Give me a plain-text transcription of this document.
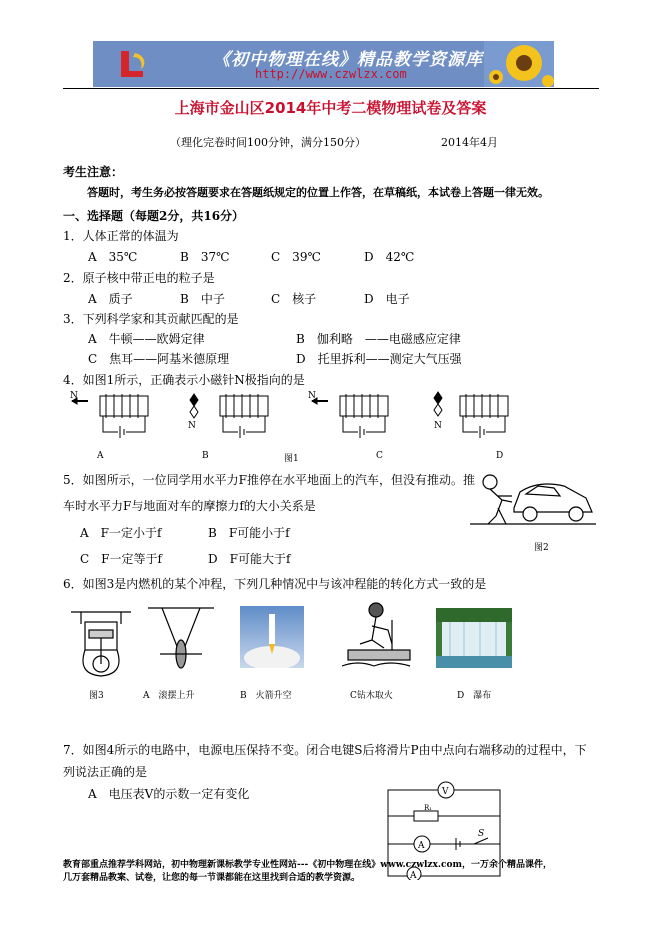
《初中物理在线》精品教学资源库
http://www.czwlzx.com
上海市金山区2014年中考二模物理试卷及答案
（理化完卷时间100分钟，满分150分）	2014年4月
考生注意：
答题时，考生务必按答题要求在答题纸规定的位置上作答，在草稿纸，本试卷上答题一律无效。
一、选择题（每题2分，共16分）
1．人体正常的体温为
A　35℃	B　37℃	C　39℃	D　42℃
2．原子核中带正电的粒子是
A　质子	B　中子	C　核子	D　电子
3．下列科学家和其贡献匹配的是
A　牛顿——欧姆定律	B　伽利略　——电磁感应定律
C　焦耳——阿基米德原理	D　托里拆利——测定大气压强
4．如图1所示，正确表示小磁针N极指向的是
N
N
N
N
A	B	图1	C	D
5．如图所示，一位同学用水平力F推停在水平地面上的汽车，但没有推动。推
车时水平力F与地面对车的摩擦力f的大小关系是
A　F一定小于f	B　F可能小于f
C　F一定等于f	D　F可能大于f
图2
6．如图3是内燃机的某个冲程，下列几种情况中与该冲程能的转化方式一致的是
图3	A　滚摆上升	B　火箭升空	C钻木取火	D　瀑布
7．如图4所示的电路中，电源电压保持不变。闭合电键S后将滑片P由中点向右端移动的过程中，下
列说法正确的是
A　电压表V的示数一定有变化	V
R₁
A
S
A
教育部重点推荐学科网站，初中物理新课标教学专业性网站---《初中物理在线》www.czwlzx.com，一万余个精品课件，
几万套精品教案、试卷，让您的每一节课都能在这里找到合适的教学资源。
